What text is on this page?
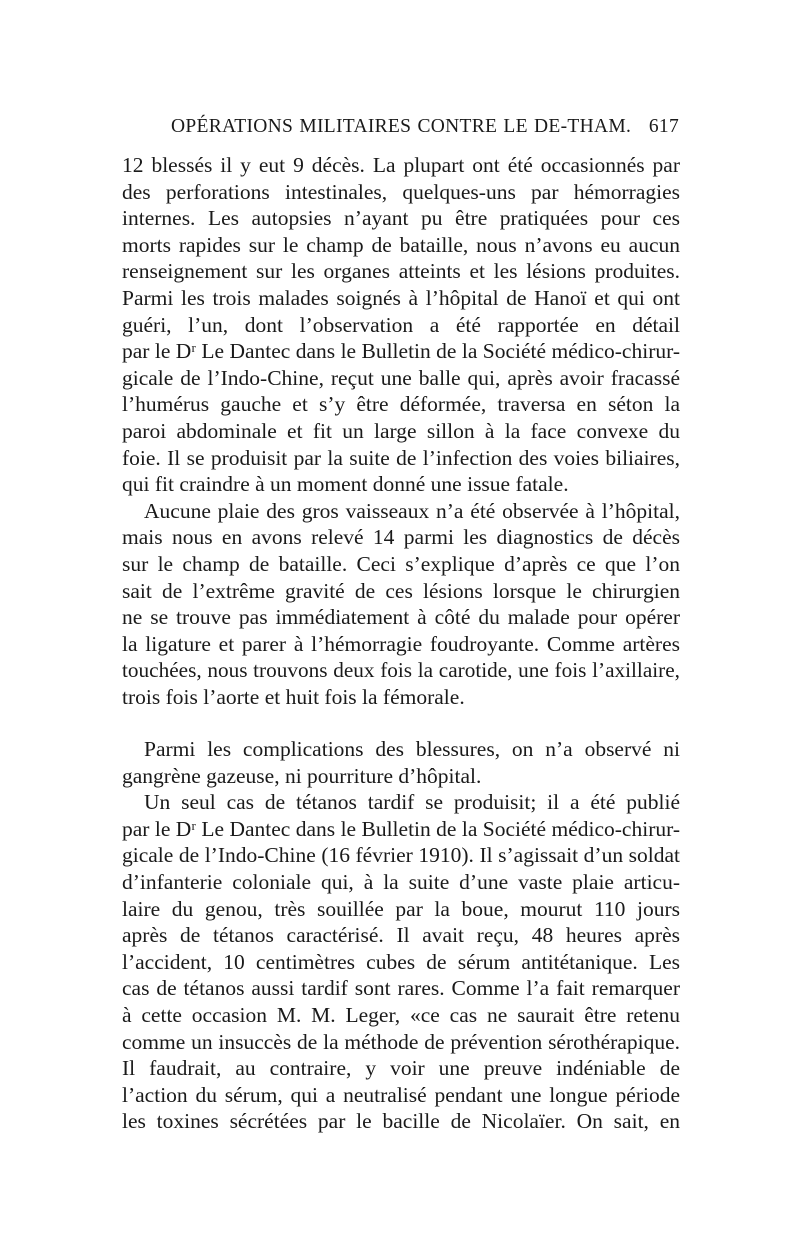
OPÉRATIONS MILITAIRES CONTRE LE DE-THAM. 617
12 blessés il y eut 9 décès. La plupart ont été occasionnés par
des perforations intestinales, quelques-uns par hémorragies
internes. Les autopsies n’ayant pu être pratiquées pour ces
morts rapides sur le champ de bataille, nous n’avons eu aucun
renseignement sur les organes atteints et les lésions produites.
Parmi les trois malades soignés à l’hôpital de Hanoï et qui ont
guéri, l’un, dont l’observation a été rapportée en détail
par le Dʳ Le Dantec dans le Bulletin de la Société médico-chirur-
gicale de l’Indo-Chine, reçut une balle qui, après avoir fracassé
l’humérus gauche et s’y être déformée, traversa en séton la
paroi abdominale et fit un large sillon à la face convexe du
foie. Il se produisit par la suite de l’infection des voies biliaires,
qui fit craindre à un moment donné une issue fatale.
Aucune plaie des gros vaisseaux n’a été observée à l’hôpital,
mais nous en avons relevé 14 parmi les diagnostics de décès
sur le champ de bataille. Ceci s’explique d’après ce que l’on
sait de l’extrême gravité de ces lésions lorsque le chirurgien
ne se trouve pas immédiatement à côté du malade pour opérer
la ligature et parer à l’hémorragie foudroyante. Comme artères
touchées, nous trouvons deux fois la carotide, une fois l’axillaire,
trois fois l’aorte et huit fois la fémorale.
Parmi les complications des blessures, on n’a observé ni
gangrène gazeuse, ni pourriture d’hôpital.
Un seul cas de tétanos tardif se produisit; il a été publié
par le Dʳ Le Dantec dans le Bulletin de la Société médico-chirur-
gicale de l’Indo-Chine (16 février 1910). Il s’agissait d’un soldat
d’infanterie coloniale qui, à la suite d’une vaste plaie articu-
laire du genou, très souillée par la boue, mourut 110 jours
après de tétanos caractérisé. Il avait reçu, 48 heures après
l’accident, 10 centimètres cubes de sérum antitétanique. Les
cas de tétanos aussi tardif sont rares. Comme l’a fait remarquer
à cette occasion M. M. Leger, «ce cas ne saurait être retenu
comme un insuccès de la méthode de prévention sérothérapique.
Il faudrait, au contraire, y voir une preuve indéniable de
l’action du sérum, qui a neutralisé pendant une longue période
les toxines sécrétées par le bacille de Nicolaïer. On sait, en
